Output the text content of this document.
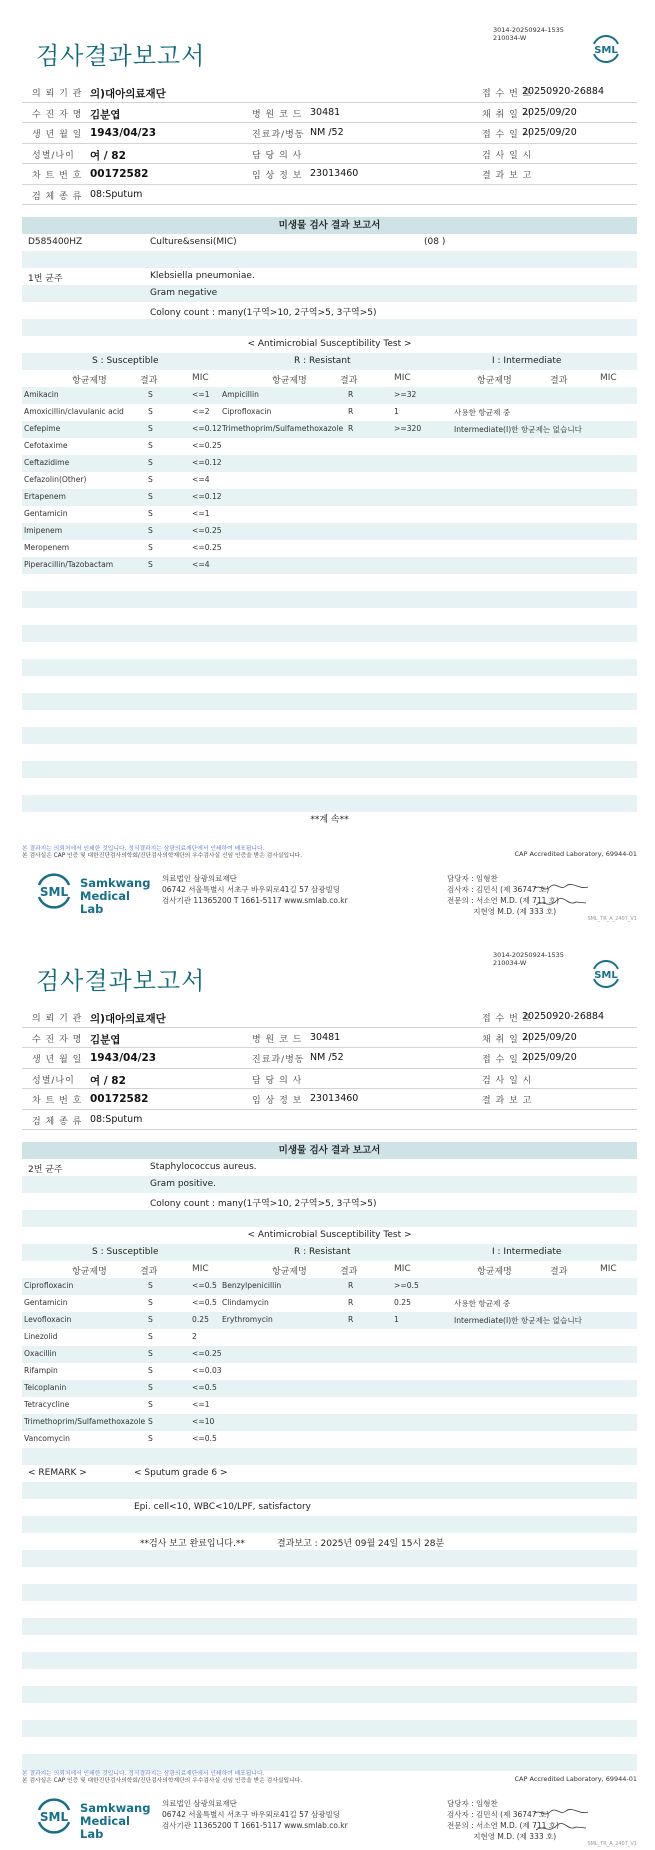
3014-20250924-1535
210034-W
검사결과보고서	SML
의 뢰 기 관 의)대아의료재단	접 수 번 호
20250920-26884
수 진 자 명 김분엽	병 원 코 드 30481	채 취 일 시
2025/09/20
생 년 월 일 1943/04/23	진료과/병동 NM /52	접 수 일 시
2025/09/20
성별/나이 여 / 82	담 당 의 사	검 사 일 시
차 트 번 호 00172582	임 상 정 보 23013460	결 과 보 고
검 체 종 류 08:Sputum
미생물 검사 결과 보고서
D585400HZ	Culture&sensi(MIC)	(08 )
1번 균주	Klebsiella pneumoniae.
Gram negative
Colony count : many(1구역>10, 2구역>5, 3구역>5)
< Antimicrobial Susceptibility Test >
S : Susceptible	R : Resistant	I : Intermediate
항균제명	결과	MIC	항균제명	결과	MIC	항균제명	결과	MIC
Amikacin	S	<=1 Ampicillin	R	>=32
Amoxicillin/clavulanic acid	S	<=2 Ciprofloxacin	R	1	사용한 항균제 중
Cefepime	S	<=0.12 Trimethoprim/Sulfamethoxazole R	>=320	Intermediate(I)한 항균제는 없습니다
Cefotaxime	S	<=0.25
Ceftazidime	S	<=0.12
Cefazolin(Other)	S	<=4
Ertapenem	S	<=0.12
Gentamicin	S	<=1
Imipenem	S	<=0.25
Meropenem	S	<=0.25
Piperacillin/Tazobactam	S	<=4
**계 속**
본 결과지는 의뢰처에서 인쇄한 것입니다. 정식결과지는 삼광의료재단에서 인쇄하여 배포됩니다.
본 검사실은 CAP 인증 및 대한진단검사의학회/진단검사의학재단의 우수검사실 신임 인증을 받은 검사실입니다.	CAP Accredited Laboratory, 69944-01
SML
Samkwang
Medical Lab
의료법인 삼광의료재단
06742 서울특별시 서초구 바우뫼로41길 57 삼광빌딩
검사기관 11365200 T 1661-5117 www.smlab.co.kr
담당자 : 임형찬
검사자 : 김민식 (제 36747 호)
전문의 : 서소연 M.D. (제 711 호)
지현영 M.D. (제 333 호)
SML_TR_A_2407_V1
3014-20250924-1535
210034-W
검사결과보고서	SML
의 뢰 기 관 의)대아의료재단	접 수 번 호
20250920-26884
수 진 자 명 김분엽	병 원 코 드 30481	채 취 일 시
2025/09/20
생 년 월 일 1943/04/23	진료과/병동 NM /52	접 수 일 시
2025/09/20
성별/나이 여 / 82	담 당 의 사	검 사 일 시
차 트 번 호 00172582	임 상 정 보 23013460	결 과 보 고
검 체 종 류 08:Sputum
미생물 검사 결과 보고서
2번 균주	Staphylococcus aureus.
Gram positive.
Colony count : many(1구역>10, 2구역>5, 3구역>5)
< Antimicrobial Susceptibility Test >
S : Susceptible	R : Resistant	I : Intermediate
항균제명	결과	MIC	항균제명	결과	MIC	항균제명	결과	MIC
Ciprofloxacin	S	<=0.5 Benzylpenicillin	R	>=0.5
Gentamicin	S	<=0.5 Clindamycin	R	0.25	사용한 항균제 중
Levofloxacin	S	0.25 Erythromycin	R	1	Intermediate(I)한 항균제는 없습니다
Linezolid	S	2
Oxacillin	S	<=0.25
Rifampin	S	<=0.03
Teicoplanin	S	<=0.5
Tetracycline	S	<=1
Trimethoprim/Sulfamethoxazole S	<=10
Vancomycin	S	<=0.5
< REMARK >	< Sputum grade 6 >
Epi. cell<10, WBC<10/LPF, satisfactory
**검사 보고 완료입니다.**	결과보고 : 2025년 09월 24일 15시 28분
본 결과지는 의뢰처에서 인쇄한 것입니다. 정식결과지는 삼광의료재단에서 인쇄하여 배포됩니다.
본 검사실은 CAP 인증 및 대한진단검사의학회/진단검사의학재단의 우수검사실 신임 인증을 받은 검사실입니다.	CAP Accredited Laboratory, 69944-01
SML
Samkwang
Medical Lab
의료법인 삼광의료재단
06742 서울특별시 서초구 바우뫼로41길 57 삼광빌딩
검사기관 11365200 T 1661-5117 www.smlab.co.kr
담당자 : 임형찬
검사자 : 김민식 (제 36747 호)
전문의 : 서소연 M.D. (제 711 호)
지현영 M.D. (제 333 호)
SML_TR_A_2407_V1
